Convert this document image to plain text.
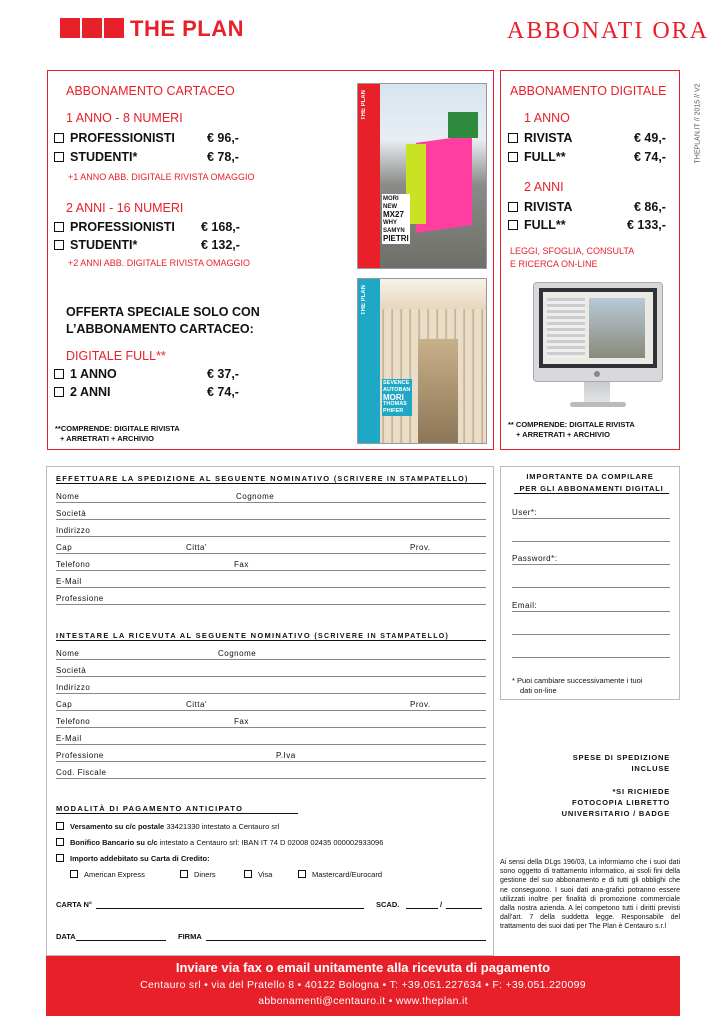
THE PLAN	ABBONATI ORA
THEPLAN.IT // 2015 // V2
ABBONAMENTO CARTACEO
1 ANNO - 8 NUMERI
PROFESSIONISTI	€ 96,-
STUDENTI*	€ 78,-
+1 ANNO ABB. DIGITALE RIVISTA OMAGGIO
2 ANNI - 16 NUMERI
PROFESSIONISTI € 168,-
STUDENTI*	€ 132,-
+2 ANNI ABB. DIGITALE RIVISTA OMAGGIO
OFFERTA SPECIALE SOLO CON
L’ABBONAMENTO CARTACEO:
DIGITALE FULL**
1 ANNO	€ 37,-
2 ANNI	€ 74,-
**COMPRENDE: DIGITALE RIVISTA
+ ARRETRATI + ARCHIVIO
THE PLAN
MORI
NEW
MX27
WHY
SAMYN
PIETRI
THE PLAN
SEVENCE
AUTOBAN
MORI
THOMAS
PHIFER
ABBONAMENTO DIGITALE
1 ANNO
RIVISTA	€ 49,-
FULL**	€ 74,-
2 ANNI
RIVISTA	€ 86,-
FULL**	€ 133,-
LEGGI, SFOGLIA, CONSULTA
E RICERCA ON-LINE
** COMPRENDE: DIGITALE RIVISTA
+ ARRETRATI + ARCHIVIO
EFFETTUARE LA SPEDIZIONE AL SEGUENTE NOMINATIVO (SCRIVERE IN STAMPATELLO)
Nome	Cognome
Società
Indirizzo
Cap	Citta'	Prov.
Telefono	Fax
E-Mail
Professione
INTESTARE LA RICEVUTA AL SEGUENTE NOMINATIVO (SCRIVERE IN STAMPATELLO)
Nome	Cognome
Società
Indirizzo
Cap	Citta'	Prov.
Telefono	Fax
E-Mail
Professione	P.Iva
Cod. Fiscale
MODALITÀ DI PAGAMENTO ANTICIPATO
Versamento su c/c postale 33421330 intestato a Centauro srl
Bonifico Bancario su c/c intestato a Centauro srl: IBAN IT 74 D 02008 02435 000002933096
Importo addebitato su Carta di Credito:
American Express	Diners	Visa	Mastercard/Eurocard
CARTA N°	SCAD.	/
DATA	FIRMA
IMPORTANTE DA COMPILARE
PER GLI ABBONAMENTI DIGITALI
User*:
Password*:
Email:
* Puoi cambiare successivamente i tuoi
dati on-line
SPESE DI SPEDIZIONE
INCLUSE
*SI RICHIEDE
FOTOCOPIA LIBRETTO
UNIVERSITARIO / BADGE
Ai sensi della DLgs 196/03, La informiamo che i suoi dati sono oggetto di trattamento informatico, ai ssoli fini della gestione del suo abbonamento e di tutti gli obblighi che ne conseguono. I suoi dati ana-grafici potranno essere utilizzati inoltre per finalità di promozione commerciale dalla nostra azienda. A lei competono tutti i diritti previsti dall’art. 7 della suddetta legge. Responsabile del trattamento dei suoi dati per The Plan è Centauro s.r.l
Inviare via fax o email unitamente alla ricevuta di pagamento
Centauro srl • via del Pratello 8 • 40122 Bologna • T: +39.051.227634 • F: +39.051.220099
abbonamenti@centauro.it • www.theplan.it
